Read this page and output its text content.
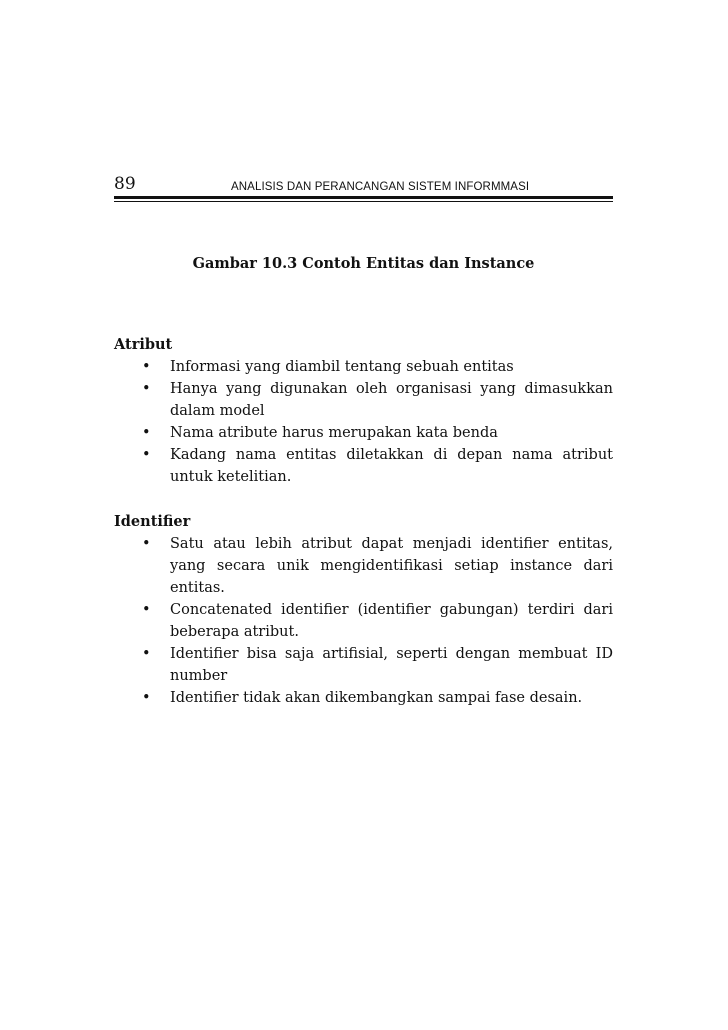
89	ANALISIS DAN PERANCANGAN SISTEM INFORMMASI
Gambar 10.3 Contoh Entitas dan Instance
Atribut
• Informasi yang diambil tentang sebuah entitas
• Hanya yang digunakan oleh organisasi yang dimasukkan dalam model
• Nama atribute harus merupakan kata benda
• Kadang nama entitas diletakkan di depan nama atribut untuk ketelitian.
Identifier
• Satu atau lebih atribut dapat menjadi identifier entitas, yang secara unik mengidentifikasi setiap instance dari entitas.
• Concatenated identifier (identifier gabungan) terdiri dari beberapa atribut.
• Identifier bisa saja artifisial, seperti dengan membuat ID number
• Identifier tidak akan dikembangkan sampai fase desain.
